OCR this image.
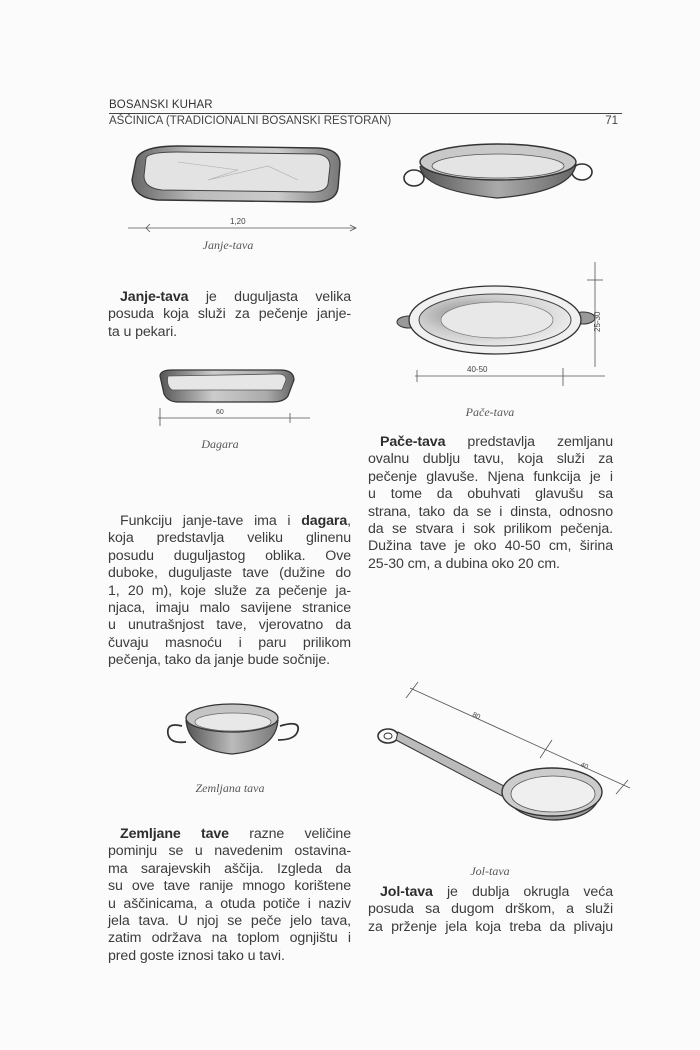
BOSANSKI KUHAR
AŠČINICA (TRADICIONALNI BOSANSKI RESTORAN)	71
1,20
Janje-tava
Janje-tava je duguljasta velika
posuda koja služi za pečenje janje-
ta u pekari.	25-30
40-50
Pače-tava
60
Dagara	Pače-tava predstavlja zemljanu
ovalnu dublju tavu, koja služi za
pečenje glavuše. Njena funkcija je i
u tome da obuhvati glavušu sa
strana, tako da se i dinsta, odnosno
da se stvara i sok prilikom pečenja.
Dužina tave je oko 40-50 cm, širina
25-30 cm, a dubina oko 20 cm.
Funkciju janje-tave ima i dagara,
koja predstavlja veliku glinenu
posudu duguljastog oblika. Ove
duboke, duguljaste tave (dužine do
1, 20 m), koje služe za pečenje ja-
njaca, imaju malo savijene stranice
u unutrašnjost tave, vjerovatno da
čuvaju masnoću i paru prilikom
pečenja, tako da janje bude sočnije.
80
40
Zemljana tava
Zemljane tave razne veličine
pominju se u navedenim ostavina-
ma sarajevskih aščija. Izgleda da
su ove tave ranije mnogo korištene
u aščinicama, a otuda potiče i naziv
jela tava. U njoj se peče jelo tava,
zatim održava na toplom ognjištu i
pred goste iznosi tako u tavi.
Jol-tava
Jol-tava je dublja okrugla veća
posuda sa dugom drškom, a služi
za prženje jela koja treba da plivaju
